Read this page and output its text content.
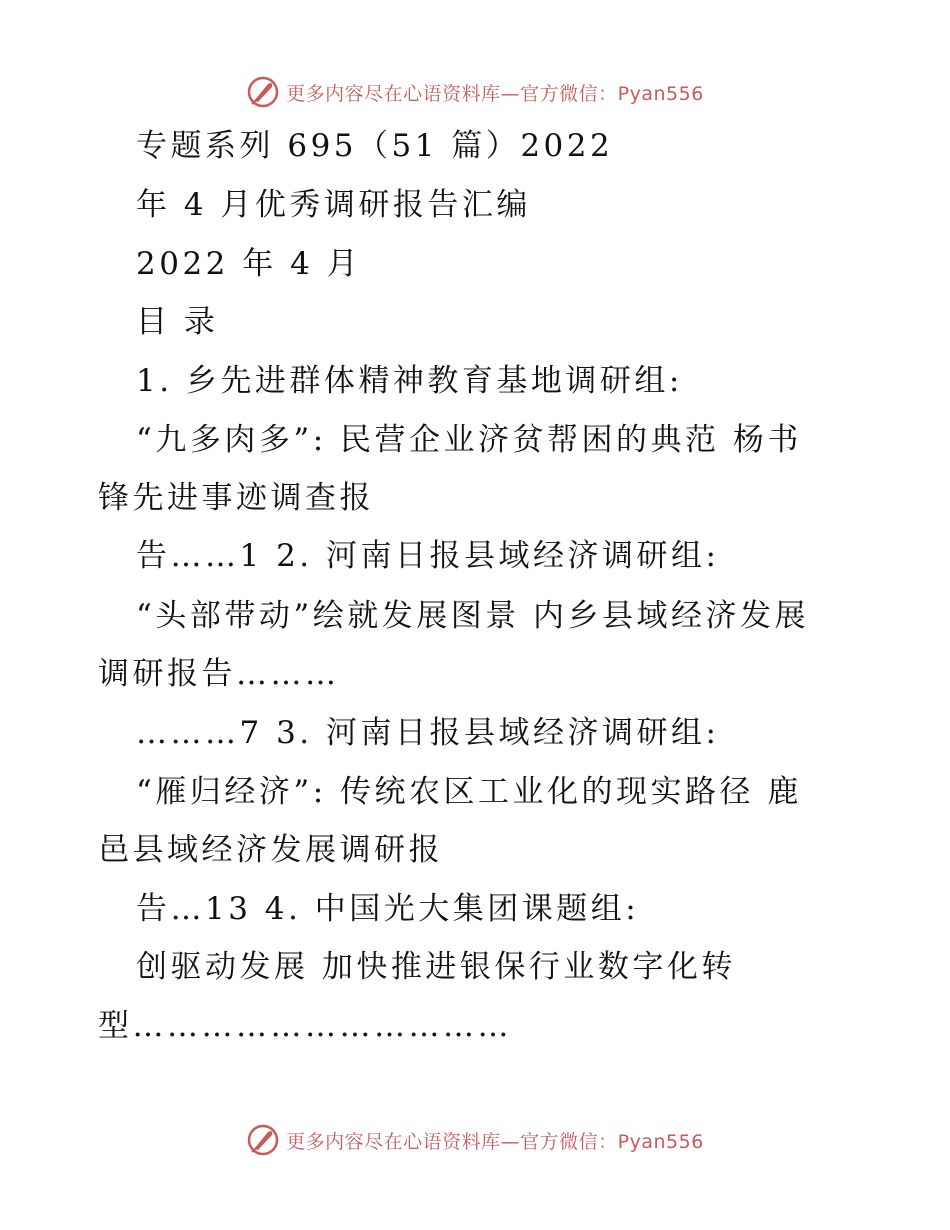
更多内容尽在心语资料库—官方微信：Pyan556
专题系列 695（51 篇）2022
年 4 月优秀调研报告汇编
2022 年 4 月
目 录
1. 乡先进群体精神教育基地调研组:
“九多肉多”: 民营企业济贫帮困的典范 杨书
锋先进事迹调查报
告……1 2. 河南日报县域经济调研组:
“头部带动”绘就发展图景 内乡县域经济发展
调研报告………
………7 3. 河南日报县域经济调研组:
“雁归经济”: 传统农区工业化的现实路径 鹿
邑县域经济发展调研报
告…13 4. 中国光大集团课题组:
创驱动发展 加快推进银保行业数字化转
型……………………………
更多内容尽在心语资料库—官方微信：Pyan556
